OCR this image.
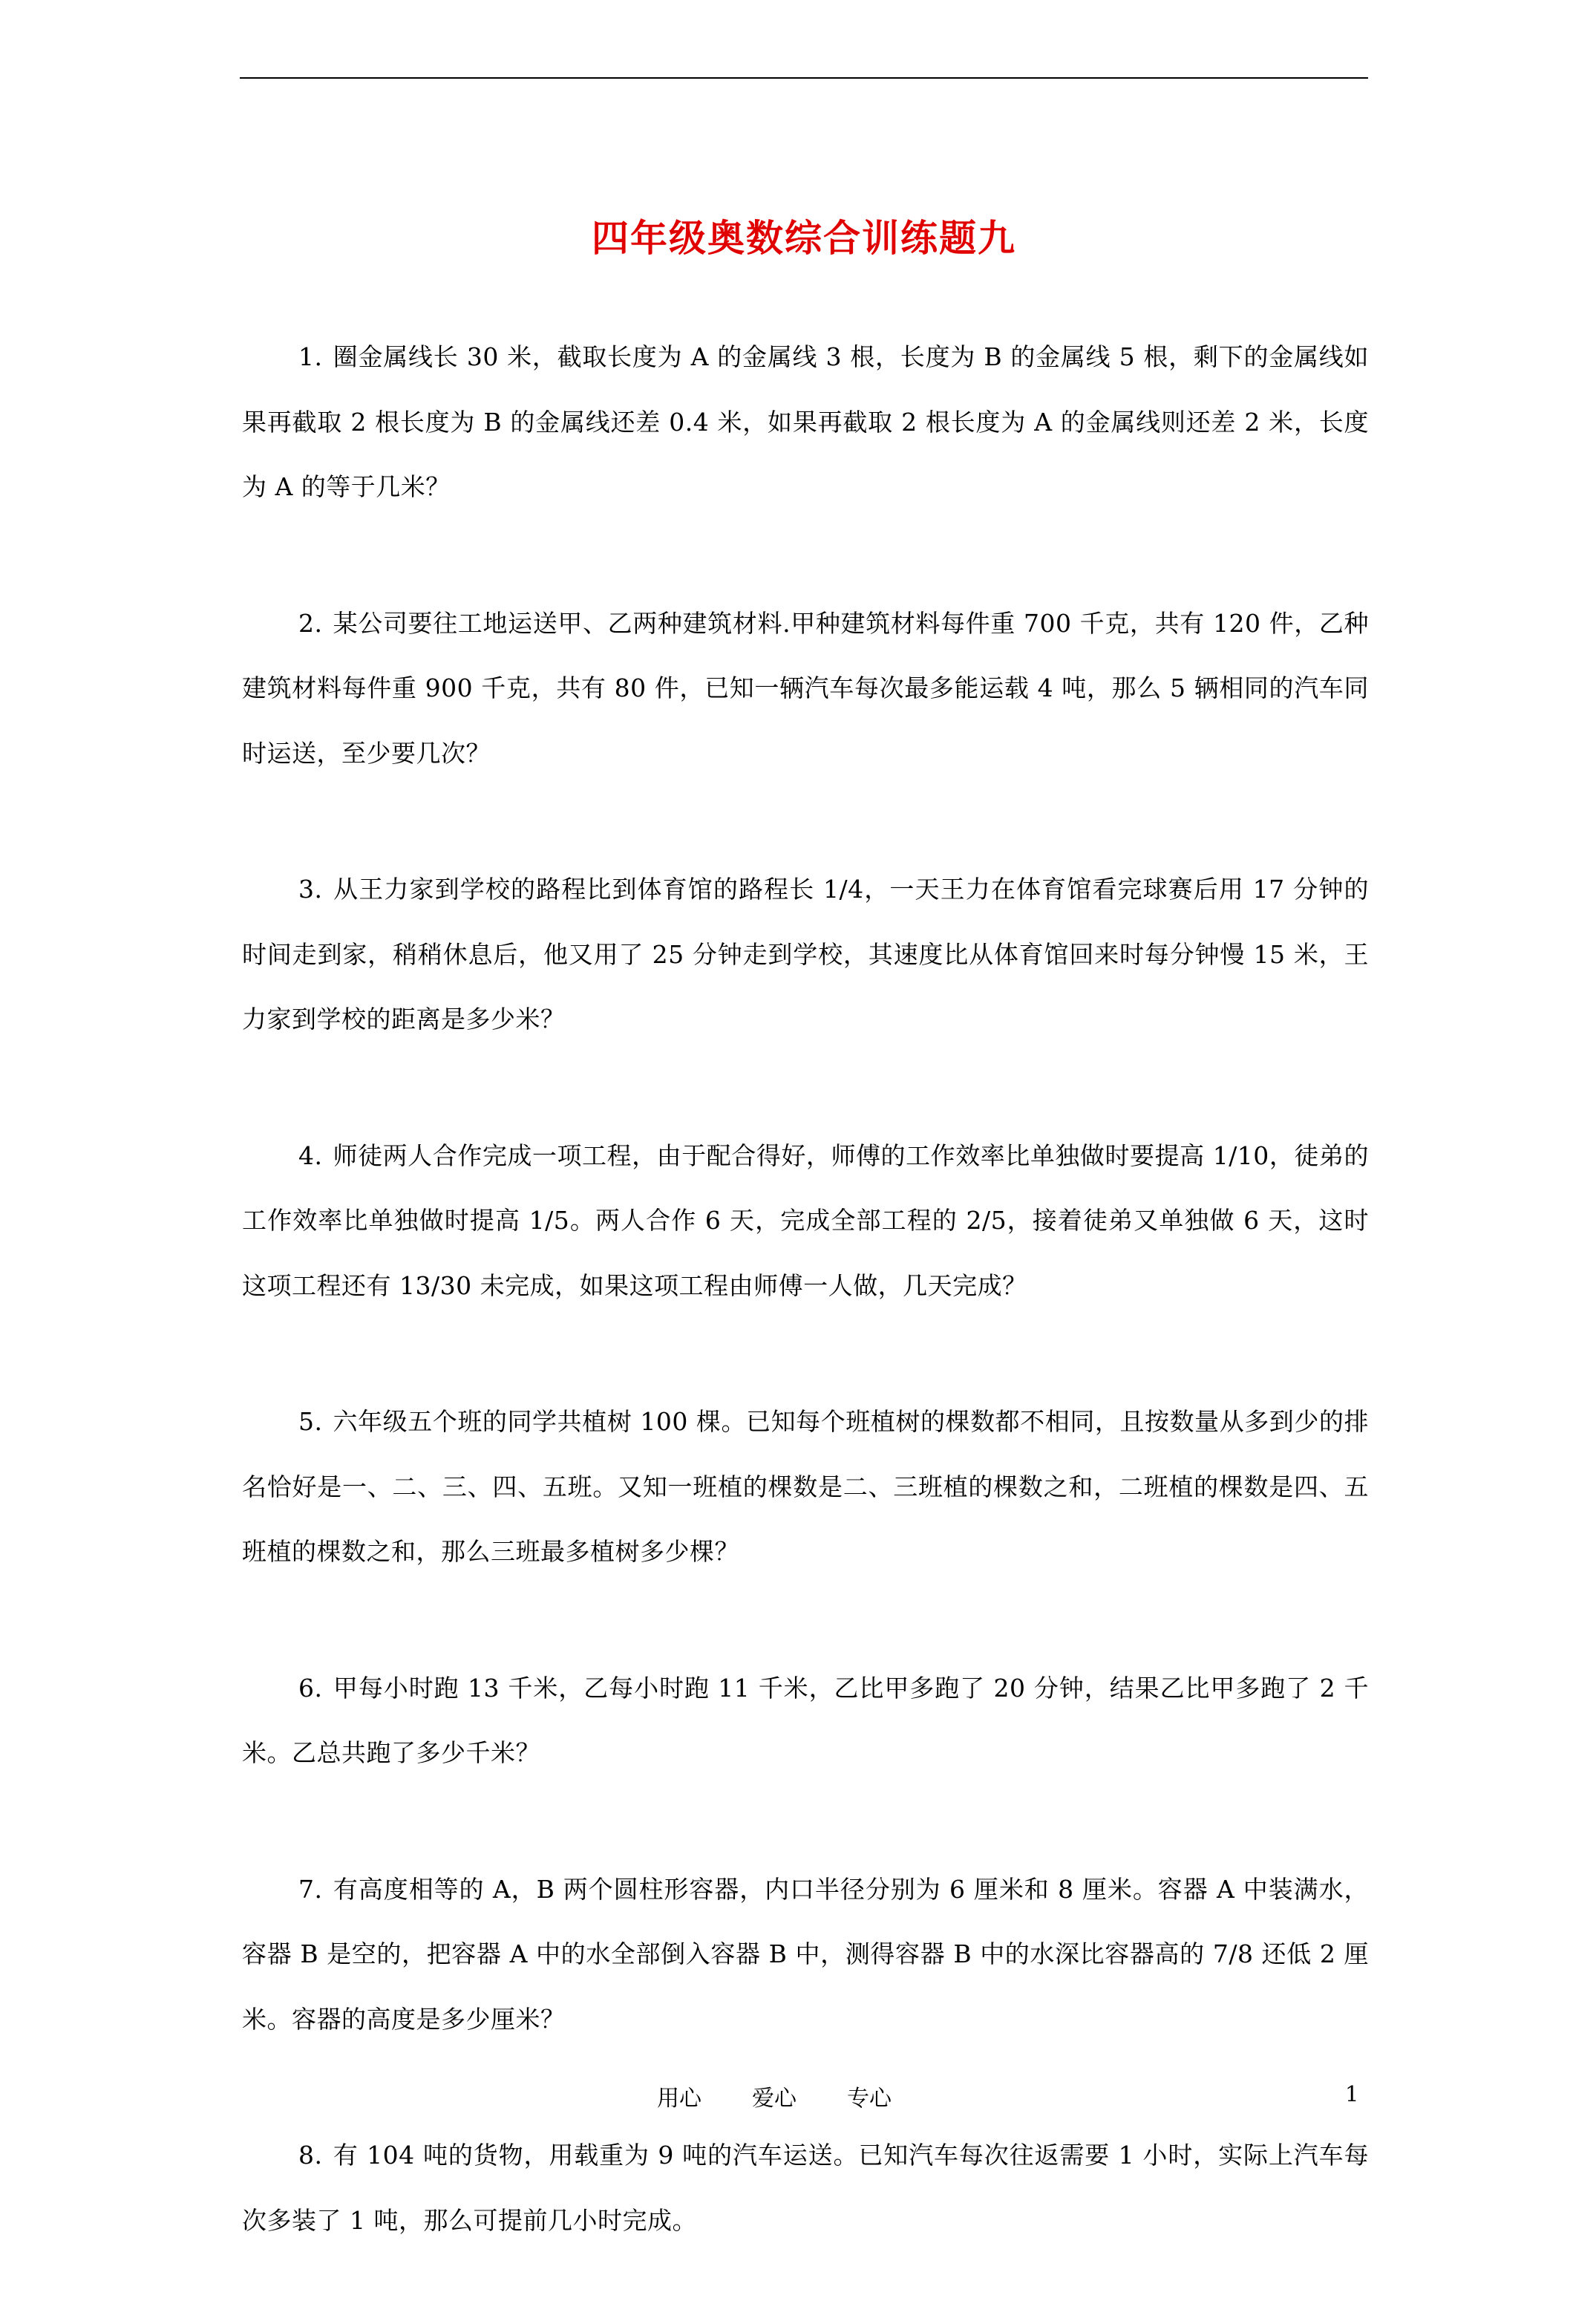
四年级奥数综合训练题九

1. 圈金属线长 30 米，截取长度为 A 的金属线 3 根，长度为 B 的金属线 5 根，剩下的金属线如果再截取 2 根长度为 B 的金属线还差 0.4 米，如果再截取 2 根长度为 A 的金属线则还差 2 米，长度为 A 的等于几米？

2. 某公司要往工地运送甲、乙两种建筑材料.甲种建筑材料每件重 700 千克，共有 120 件，乙种建筑材料每件重 900 千克，共有 80 件，已知一辆汽车每次最多能运载 4 吨，那么 5 辆相同的汽车同时运送，至少要几次？

3. 从王力家到学校的路程比到体育馆的路程长 1/4，一天王力在体育馆看完球赛后用 17 分钟的时间走到家，稍稍休息后，他又用了 25 分钟走到学校，其速度比从体育馆回来时每分钟慢 15 米，王力家到学校的距离是多少米？

4. 师徒两人合作完成一项工程，由于配合得好，师傅的工作效率比单独做时要提高 1/10，徒弟的工作效率比单独做时提高 1/5。两人合作 6 天，完成全部工程的 2/5，接着徒弟又单独做 6 天，这时这项工程还有 13/30 未完成，如果这项工程由师傅一人做，几天完成？

5. 六年级五个班的同学共植树 100 棵。已知每个班植树的棵数都不相同，且按数量从多到少的排名恰好是一、二、三、四、五班。又知一班植的棵数是二、三班植的棵数之和，二班植的棵数是四、五班植的棵数之和，那么三班最多植树多少棵？

6. 甲每小时跑 13 千米，乙每小时跑 11 千米，乙比甲多跑了 20 分钟，结果乙比甲多跑了 2 千米。乙总共跑了多少千米？

7. 有高度相等的 A，B 两个圆柱形容器，内口半径分别为 6 厘米和 8 厘米。容器 A 中装满水，容器 B 是空的，把容器 A 中的水全部倒入容器 B 中，测得容器 B 中的水深比容器高的 7/8 还低 2 厘米。容器的高度是多少厘米？

8. 有 104 吨的货物，用载重为 9 吨的汽车运送。已知汽车每次往返需要 1 小时，实际上汽车每次多装了 1 吨，那么可提前几小时完成。

用心 爱心 专心	1
